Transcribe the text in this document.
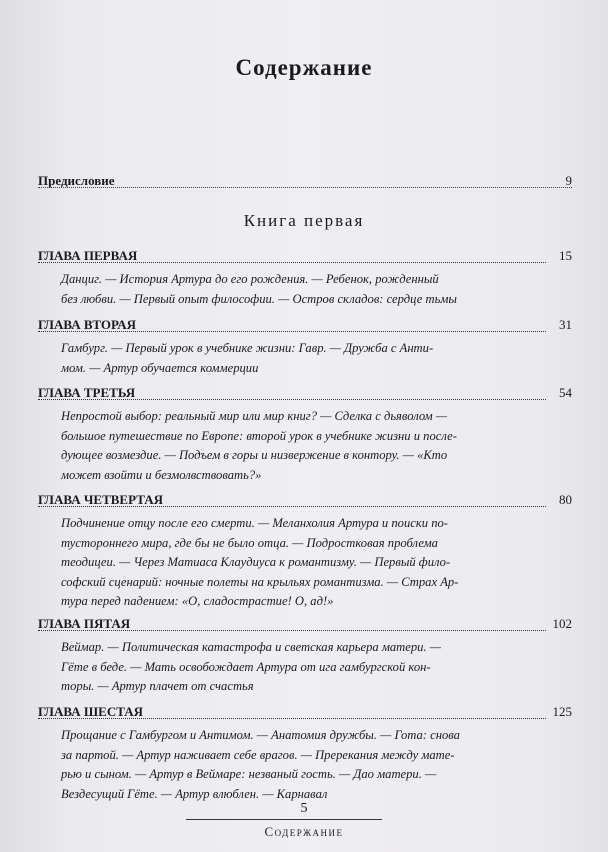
Содержание
Предисловие	9
Книга первая
ГЛАВА ПЕРВАЯ	15
Данциг. — История Артура до его рождения. — Ребенок, рожденный
без любви. — Первый опыт философии. — Остров складов: сердце тьмы
ГЛАВА ВТОРАЯ	31
Гамбург. — Первый урок в учебнике жизни: Гавр. — Дружба с Анти-
мом. — Артур обучается коммерции
ГЛАВА ТРЕТЬЯ	54
Непростой выбор: реальный мир или мир книг? — Сделка с дьяволом —
большое путешествие по Европе: второй урок в учебнике жизни и после-
дующее возмездие. — Подъем в горы и низвержение в контору. — «Кто
может взойти и безмолвствовать?»
ГЛАВА ЧЕТВЕРТАЯ	80
Подчинение отцу после его смерти. — Меланхолия Артура и поиски по-
тустороннего мира, где бы не было отца. — Подростковая проблема
теодицеи. — Через Матиаса Клаудиуса к романтизму. — Первый фило-
софский сценарий: ночные полеты на крыльях романтизма. — Страх Ар-
тура перед падением: «О, сладострастие! О, ад!»
ГЛАВА ПЯТАЯ	102
Веймар. — Политическая катастрофа и светская карьера матери. —
Гёте в беде. — Мать освобождает Артура от ига гамбургской кон-
торы. — Артур плачет от счастья
ГЛАВА ШЕСТАЯ	125
Прощание с Гамбургом и Антимом. — Анатомия дружбы. — Гота: снова
за партой. — Артур наживает себе врагов. — Пререкания между мате-
рью и сыном. — Артур в Веймаре: незваный гость. — Дао матери. —
Вездесущий Гёте. — Артур влюблен. — Карнавал
5
Содержание
